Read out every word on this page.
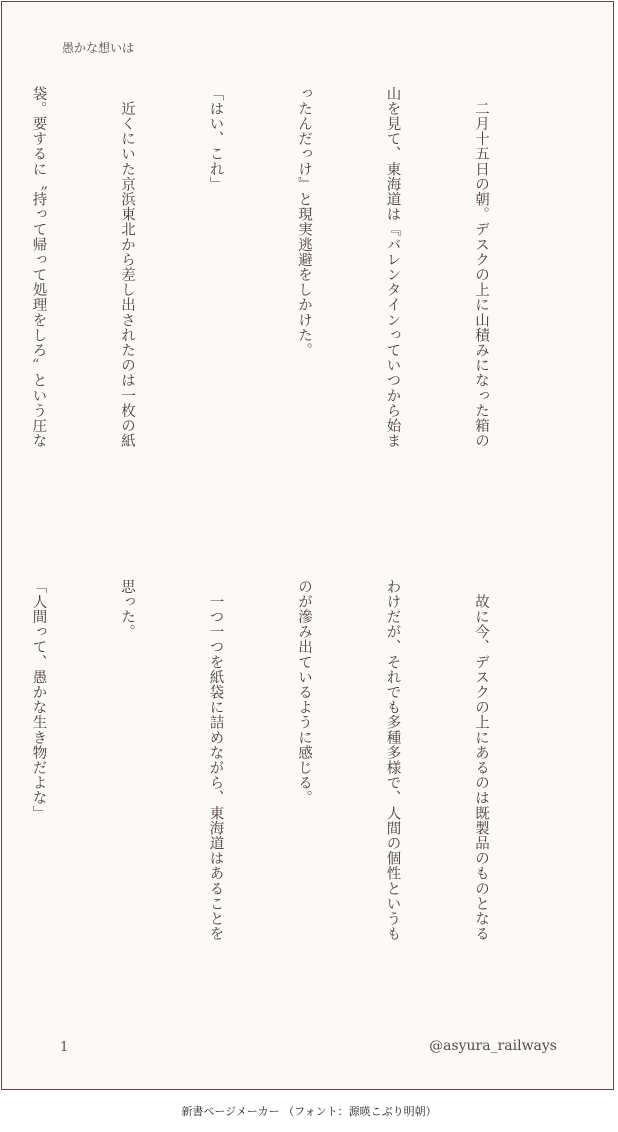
愚かな想いは

　二月十五日の朝。デスクの上に山積みになった箱の

山を見て、東海道は『バレンタインっていつから始ま

ったんだっけ』と現実逃避をしかけた。

「はい、これ」

　近くにいた京浜東北から差し出されたのは一枚の紙

袋。要するに〝持って帰って処理をしろ〟という圧な

　故に今、デスクの上にあるのは既製品のものとなる

わけだが、それでも多種多様で、人間の個性というも

のが滲み出ているように感じる。

　一つ一つを紙袋に詰めながら、東海道はあることを

思った。

「人間って、愚かな生き物だよな」

1	@asyura_railways
新書ページメーカー （フォント：源暎こぶり明朝）
